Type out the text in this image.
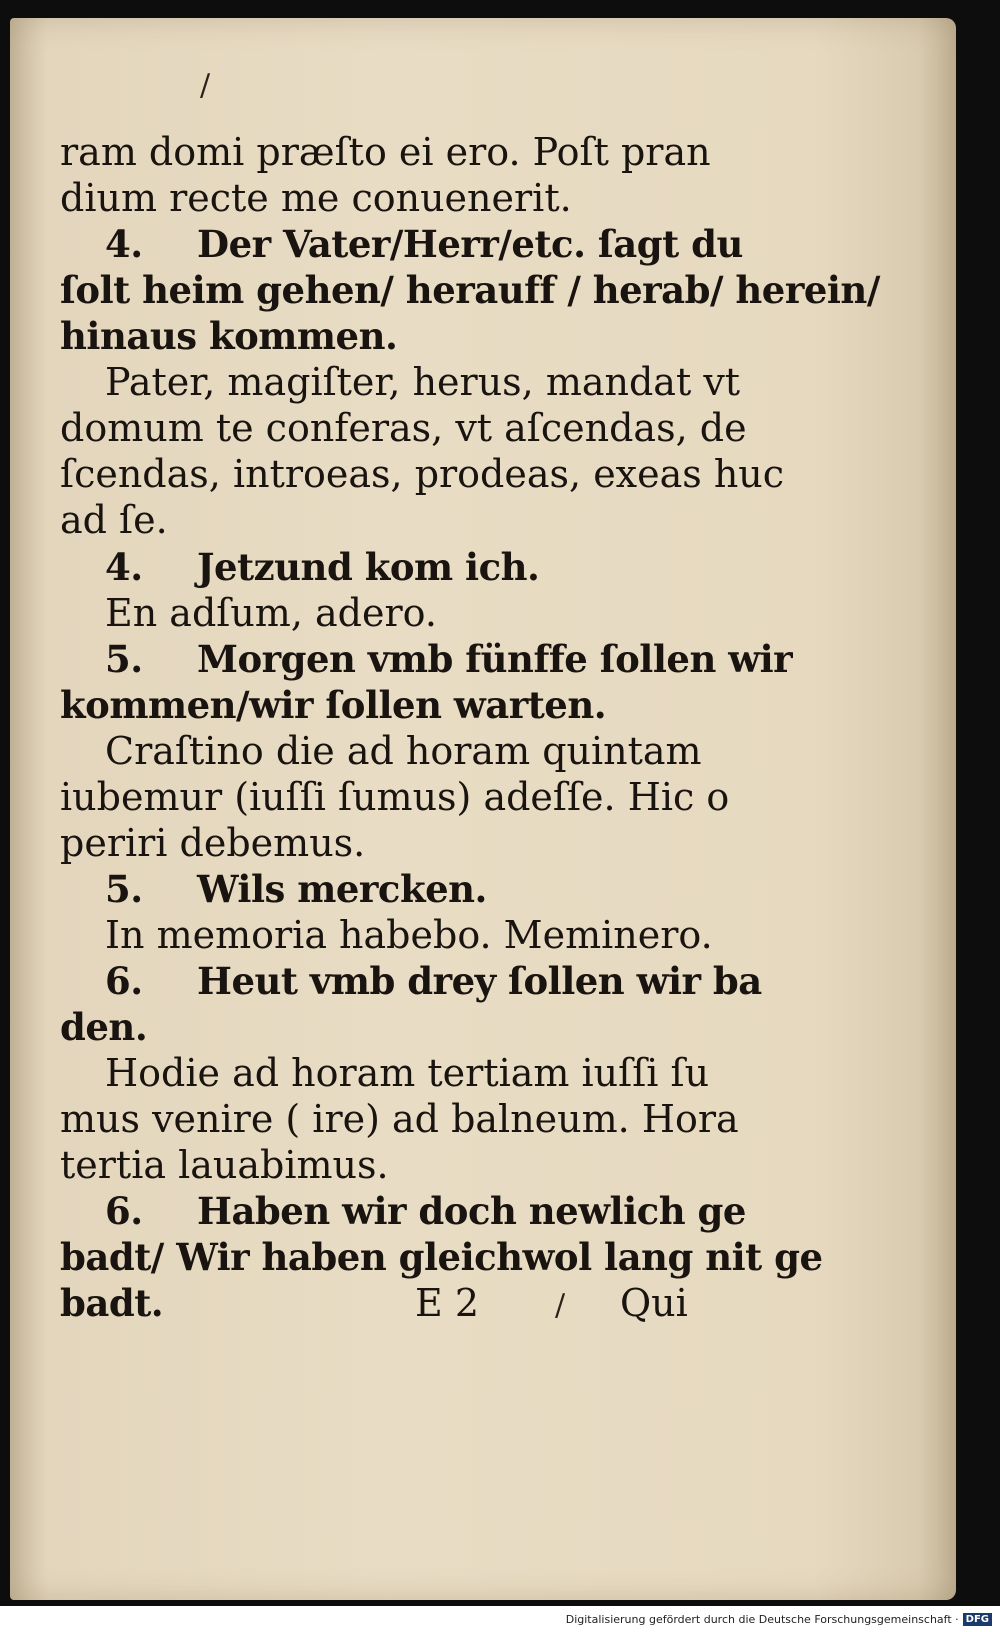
ram domi præſto ei ero. Poſt pran
dium recte me conuenerit.
4. Der Vater/Herr/etc. ſagt du
ſolt heim gehen/ herauff / herab/ herein/
hinaus kommen.
Pater, magiſter, herus, mandat vt
domum te conferas, vt aſcendas, de
ſcendas, introeas, prodeas, exeas huc
ad ſe.
4. Jetzund kom ich.
En adſum, adero.
5. Morgen vmb fünffe ſollen wir
kommen/wir ſollen warten.
Craſtino die ad horam quintam
iubemur (iuſſi ſumus) adeſſe. Hic o
periri debemus.
5. Wils mercken.
In memoria habebo. Meminero.
6. Heut vmb drey ſollen wir ba
den.
Hodie ad horam tertiam iuſſi ſu
mus venire ( ire) ad balneum. Hora
tertia lauabimus.
6. Haben wir doch newlich ge
badt/ Wir haben gleichwol lang nit ge
badt.	E 2	Qui
/
/
Digitalisierung gefördert durch die Deutsche Forschungsgemeinschaft · DFG
